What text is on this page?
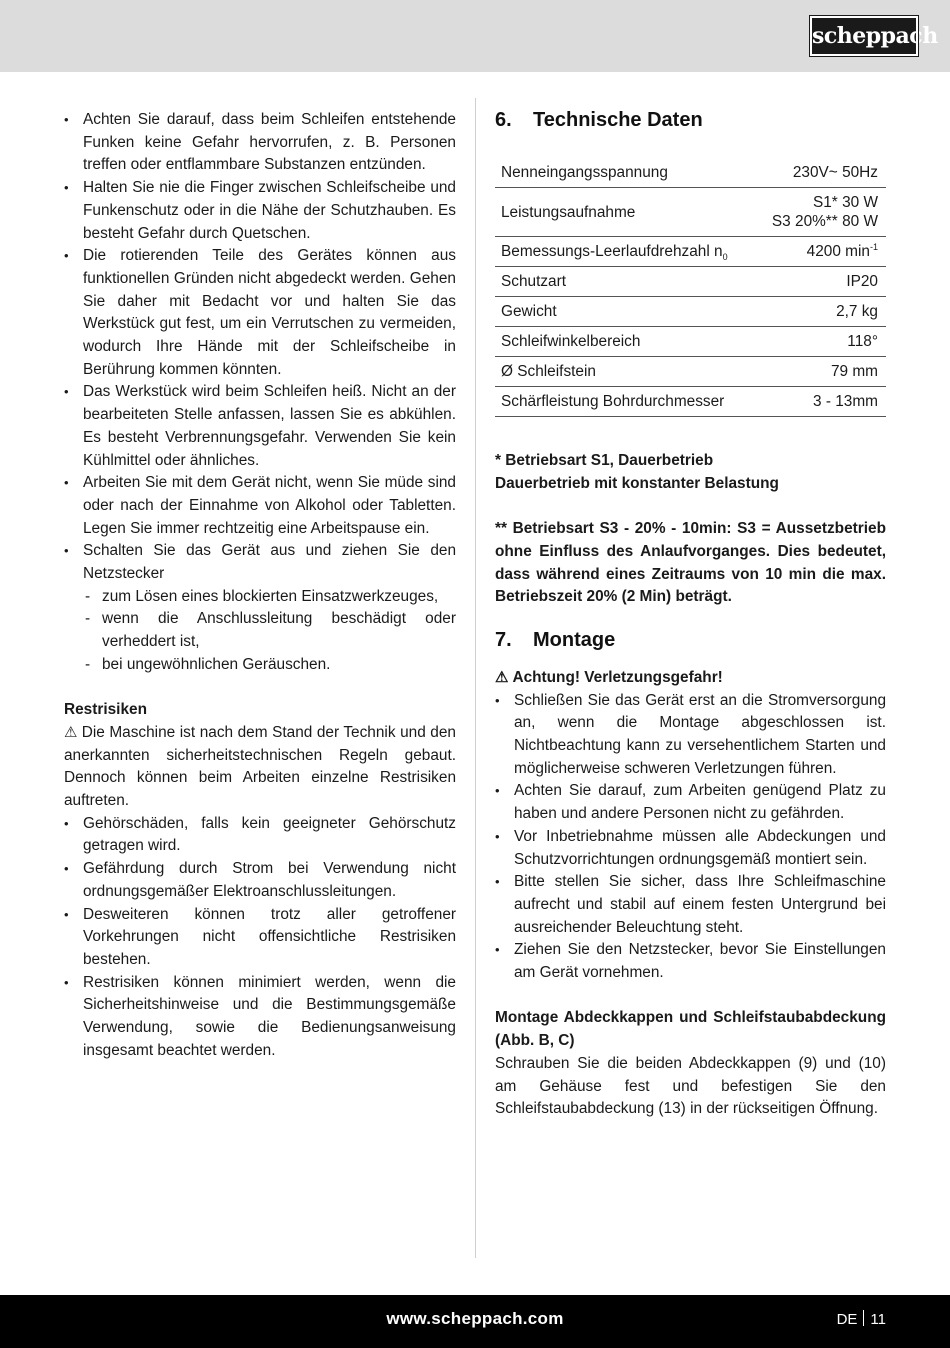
scheppach
• Achten Sie darauf, dass beim Schleifen entstehende Funken keine Gefahr hervorrufen, z. B. Personen treffen oder entflammbare Substanzen entzünden.
• Halten Sie nie die Finger zwischen Schleifscheibe und Funkenschutz oder in die Nähe der Schutzhauben. Es besteht Gefahr durch Quetschen.
• Die rotierenden Teile des Gerätes können aus funktionellen Gründen nicht abgedeckt werden. Gehen Sie daher mit Bedacht vor und halten Sie das Werkstück gut fest, um ein Verrutschen zu vermeiden, wodurch Ihre Hände mit der Schleifscheibe in Berührung kommen könnten.
• Das Werkstück wird beim Schleifen heiß. Nicht an der bearbeiteten Stelle anfassen, lassen Sie es abkühlen. Es besteht Verbrennungsgefahr. Verwenden Sie kein Kühlmittel oder ähnliches.
• Arbeiten Sie mit dem Gerät nicht, wenn Sie müde sind oder nach der Einnahme von Alkohol oder Tabletten. Legen Sie immer rechtzeitig eine Arbeitspause ein.
• Schalten Sie das Gerät aus und ziehen Sie den Netzstecker
- zum Lösen eines blockierten Einsatzwerkzeuges,
- wenn die Anschlussleitung beschädigt oder verheddert ist,
- bei ungewöhnlichen Geräuschen.
Restrisiken
⚠ Die Maschine ist nach dem Stand der Technik und den anerkannten sicherheitstechnischen Regeln gebaut. Dennoch können beim Arbeiten einzelne Restrisiken auftreten.
• Gehörschäden, falls kein geeigneter Gehörschutz getragen wird.
• Gefährdung durch Strom bei Verwendung nicht ordnungsgemäßer Elektroanschlussleitungen.
• Desweiteren können trotz aller getroffener Vorkehrungen nicht offensichtliche Restrisiken bestehen.
• Restrisiken können minimiert werden, wenn die Sicherheitshinweise und die Bestimmungsgemäße Verwendung, sowie die Bedienungsanweisung insgesamt beachtet werden.
6.	Technische Daten
Nenneingangsspannung	230V~ 50Hz
Leistungsaufnahme	S1* 30 W
S3 20%** 80 W

Bemessungs-Leerlaufdrehzahl $n_0$	4200 $\min^{-1}$
Schutzart	IP20
Gewicht	2,7 kg
Schleifwinkelbereich	118°
Ø Schleifstein	79 mm
Schärfleistung Bohrdurchmesser	3 - 13mm
* Betriebsart S1, Dauerbetrieb
Dauerbetrieb mit konstanter Belastung
** Betriebsart S3 - 20% - 10min: S3 = Aussetzbetrieb ohne Einfluss des Anlaufvorganges. Dies bedeutet, dass während eines Zeitraums von 10 min die max. Betriebszeit 20% (2 Min) beträgt.
7.	Montage
⚠ Achtung! Verletzungsgefahr!
• Schließen Sie das Gerät erst an die Stromversorgung an, wenn die Montage abgeschlossen ist. Nichtbeachtung kann zu versehentlichem Starten und möglicherweise schweren Verletzungen führen.
• Achten Sie darauf, zum Arbeiten genügend Platz zu haben und andere Personen nicht zu gefährden.
• Vor Inbetriebnahme müssen alle Abdeckungen und Schutzvorrichtungen ordnungsgemäß montiert sein.
• Bitte stellen Sie sicher, dass Ihre Schleifmaschine aufrecht und stabil auf einem festen Untergrund bei ausreichender Beleuchtung steht.
• Ziehen Sie den Netzstecker, bevor Sie Einstellungen am Gerät vornehmen.
Montage Abdeckkappen und Schleifstaubabdeckung (Abb. B, C)
Schrauben Sie die beiden Abdeckkappen (9) und (10) am Gehäuse fest und befestigen Sie den Schleifstaubabdeckung (13) in der rückseitigen Öffnung.
www.scheppach.com	DE 11
